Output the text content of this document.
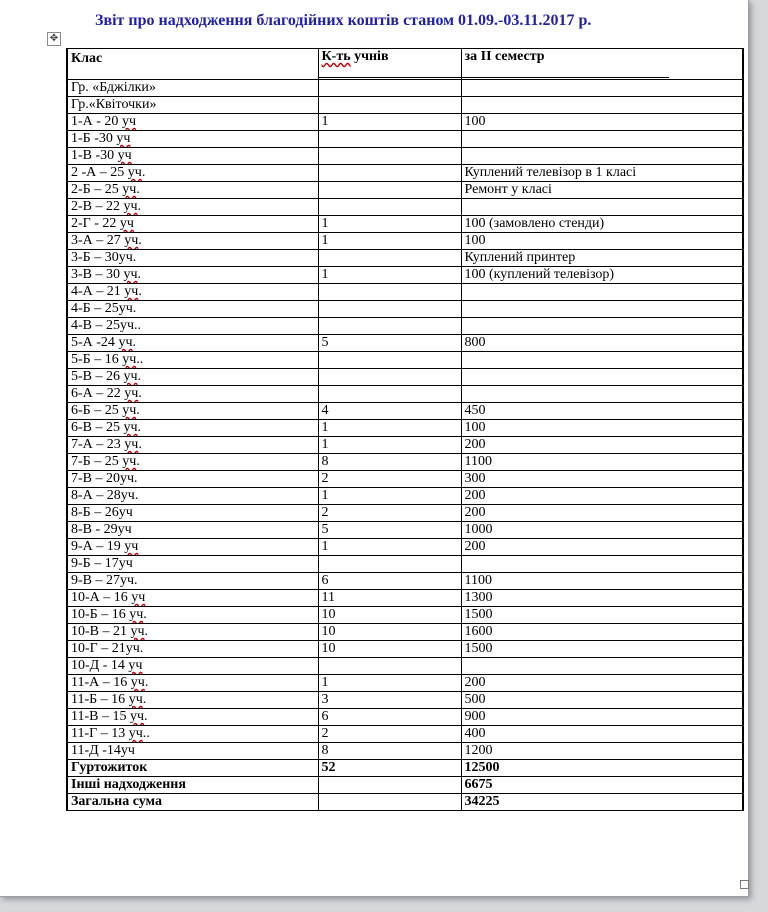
Звіт про надходження благодійних коштів станом 01.09.-03.11.2017 р.
✥
Клас	К-ть учнів	за II семестр
Гр. «Бджілки»		
Гр.«Квіточки»		
1-А - 20 уч	1	100
1-Б -30 уч		
1-В -30 уч		
2 -А – 25 уч.		Куплений телевізор в 1 класі
2-Б – 25 уч.		Ремонт у класі
2-В – 22 уч.		
2-Г - 22 уч	1	100 (замовлено стенди)
3-А – 27 уч.	1	100
3-Б – 30уч.		Куплений принтер
3-В – 30 уч.	1	100 (куплений телевізор)
4-А – 21 уч.		
4-Б – 25уч.		
4-В – 25уч..		
5-А -24 уч.	5	800
5-Б – 16 уч..		
5-В – 26 уч.		
6-А – 22 уч.		
6-Б – 25 уч.	4	450
6-В – 25 уч.	1	100
7-А – 23 уч.	1	200
7-Б – 25 уч.	8	1100
7-В – 20уч.	2	300
8-А – 28уч.	1	200
8-Б – 26уч	2	200
8-В - 29уч	5	1000
9-А – 19 уч	1	200
9-Б – 17уч		
9-В – 27уч.	6	1100
10-А – 16 уч	11	1300
10-Б – 16 уч.	10	1500
10-В – 21 уч.	10	1600
10-Г – 21уч.	10	1500
10-Д - 14 уч		
11-А – 16 уч.	1	200
11-Б – 16 уч.	3	500
11-В – 15 уч.	6	900
11-Г – 13 уч..	2	400
11-Д -14уч	8	1200
Гуртожиток	52	12500
Інші надходження		6675
Загальна сума		34225
